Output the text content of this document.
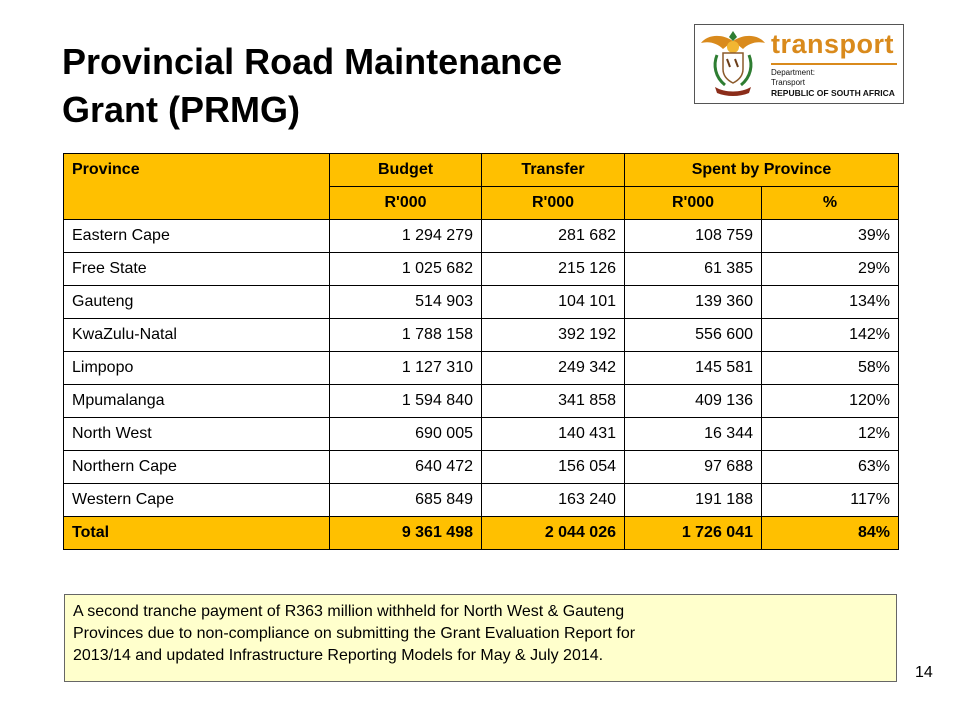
Provincial Road Maintenance
Grant (PRMG)
transport
Department:
Transport
REPUBLIC OF SOUTH AFRICA
Province	Budget	Transfer	Spent by Province	
	R'000	R'000	R'000	%
Eastern Cape	1 294 279	281 682	108 759	39%
Free State	1 025 682	215 126	61 385	29%
Gauteng	514 903	104 101	139 360	134%
KwaZulu-Natal	1 788 158	392 192	556 600	142%
Limpopo	1 127 310	249 342	145 581	58%
Mpumalanga	1 594 840	341 858	409 136	120%
North West	690 005	140 431	16 344	12%
Northern Cape	640 472	156 054	97 688	63%
Western Cape	685 849	163 240	191 188	117%
Total	9 361 498	2 044 026	1 726 041	84%
A second tranche payment of R363 million withheld for North West & Gauteng
Provinces due to non-compliance on submitting the Grant Evaluation Report for
2013/14 and updated Infrastructure Reporting Models for May & July 2014.
14
